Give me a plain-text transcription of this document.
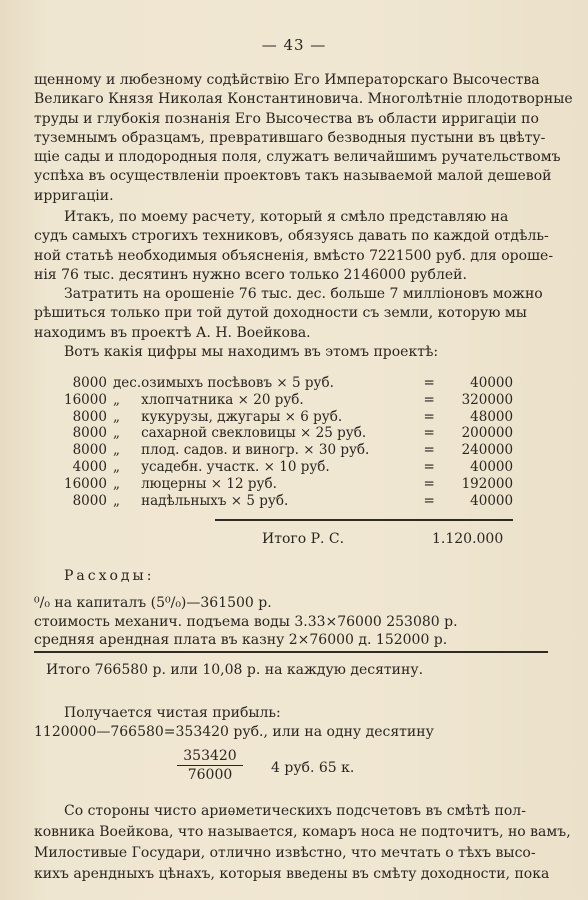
— 43 —
щенному и любезному содѣйствію Его Императорскаго Высочества
Великаго Князя Николая Константиновича. Многолѣтніе плодотворные
труды и глубокія познанія Его Высочества въ области ирригаціи по
туземнымъ образцамъ, превратившаго безводныя пустыни въ цвѣту-
щіе сады и плодородныя поля, служатъ величайшимъ ручательствомъ
успѣха въ осуществленіи проектовъ такъ называемой малой дешевой
ирригаціи.
Итакъ, по моему расчету, который я смѣло представляю на
судъ самыхъ строгихъ техниковъ, обязуясь давать по каждой отдѣль-
ной статьѣ необходимыя объясненія, вмѣсто 7221500 руб. для ороше-
нія 76 тыс. десятинъ нужно всего только 2146000 рублей.
Затратить на орошеніе 76 тыс. дес. больше 7 милліоновъ можно
рѣшиться только при той дутой доходности съ земли, которую мы
находимъ въ проектѣ А. Н. Воейкова.
Вотъ какія цифры мы находимъ въ этомъ проектѣ:
8000	дес.	озимыхъ посѣвовъ ⨯ 5 руб.	=	40000
16000	„	хлопчатника ⨯ 20 руб.	=	320000
8000	„	кукурузы, джугары ⨯ 6 руб.	=	48000
8000	„	сахарной свекловицы ⨯ 25 руб.	=	200000
8000	„	плод. садов. и виногр. ⨯ 30 руб.	=	240000
4000	„	усадебн. участк. ⨯ 10 руб.	=	40000
16000	„	люцерны ⨯ 12 руб.	=	192000
8000	„	надѣльныхъ ⨯ 5 руб.	=	40000
Итого Р. С.	1.120.000
Расходы:
⁰/₀ на капиталъ (5⁰/₀)—361500 р.
стоимость механич. подъема воды 3.33⨯76000 253080 р.
средняя арендная плата въ казну 2⨯76000 д. 152000 р.
Итого 766580 р. или 10,08 р. на каждую десятину.
Получается чистая прибыль:
1120000—766580=353420 руб., или на одну десятину
353420
76000	4 руб. 65 к.
Со стороны чисто ариѳметическихъ подсчетовъ въ смѣтѣ пол-
ковника Воейкова, что называется, комаръ носа не подточитъ, но вамъ,
Милостивые Государи, отлично извѣстно, что мечтать о тѣхъ высо-
кихъ арендныхъ цѣнахъ, которыя введены въ смѣту доходности, пока
